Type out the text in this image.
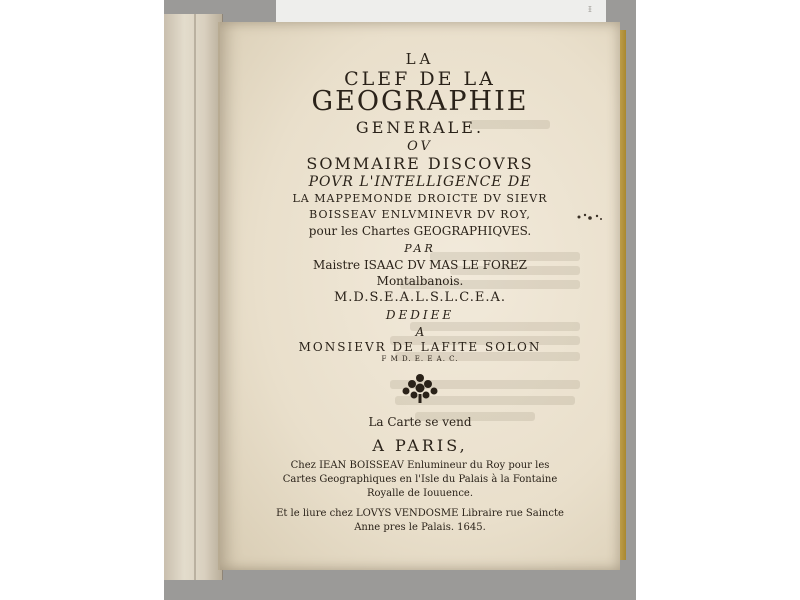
ᵻ
LA
CLEF DE LA
GEOGRAPHIE
GENERALE.
OV
SOMMAIRE DISCOVRS
POVR L'INTELLIGENCE DE
LA MAPPEMONDE DROICTE DV SIEVR
BOISSEAV ENLVMINEVR DV ROY,
pour les Chartes GEOGRAPHIQVES.
PAR
Maistre ISAAC DV MAS LE FOREZ
Montalbanois.
M.D.S.E.A.L.S.L.C.E.A.
DEDIEE
A
MONSIEVR DE LAFITE SOLON
F M D. E. E A. C.
La Carte se vend
A PARIS,
Chez IEAN BOISSEAV Enlumineur du Roy pour les
Cartes Geographiques en l'Isle du Palais à la Fontaine
Royalle de Iouuence.
Et le liure chez LOVYS VENDOSME Libraire rue Saincte
Anne pres le Palais. 1645.
